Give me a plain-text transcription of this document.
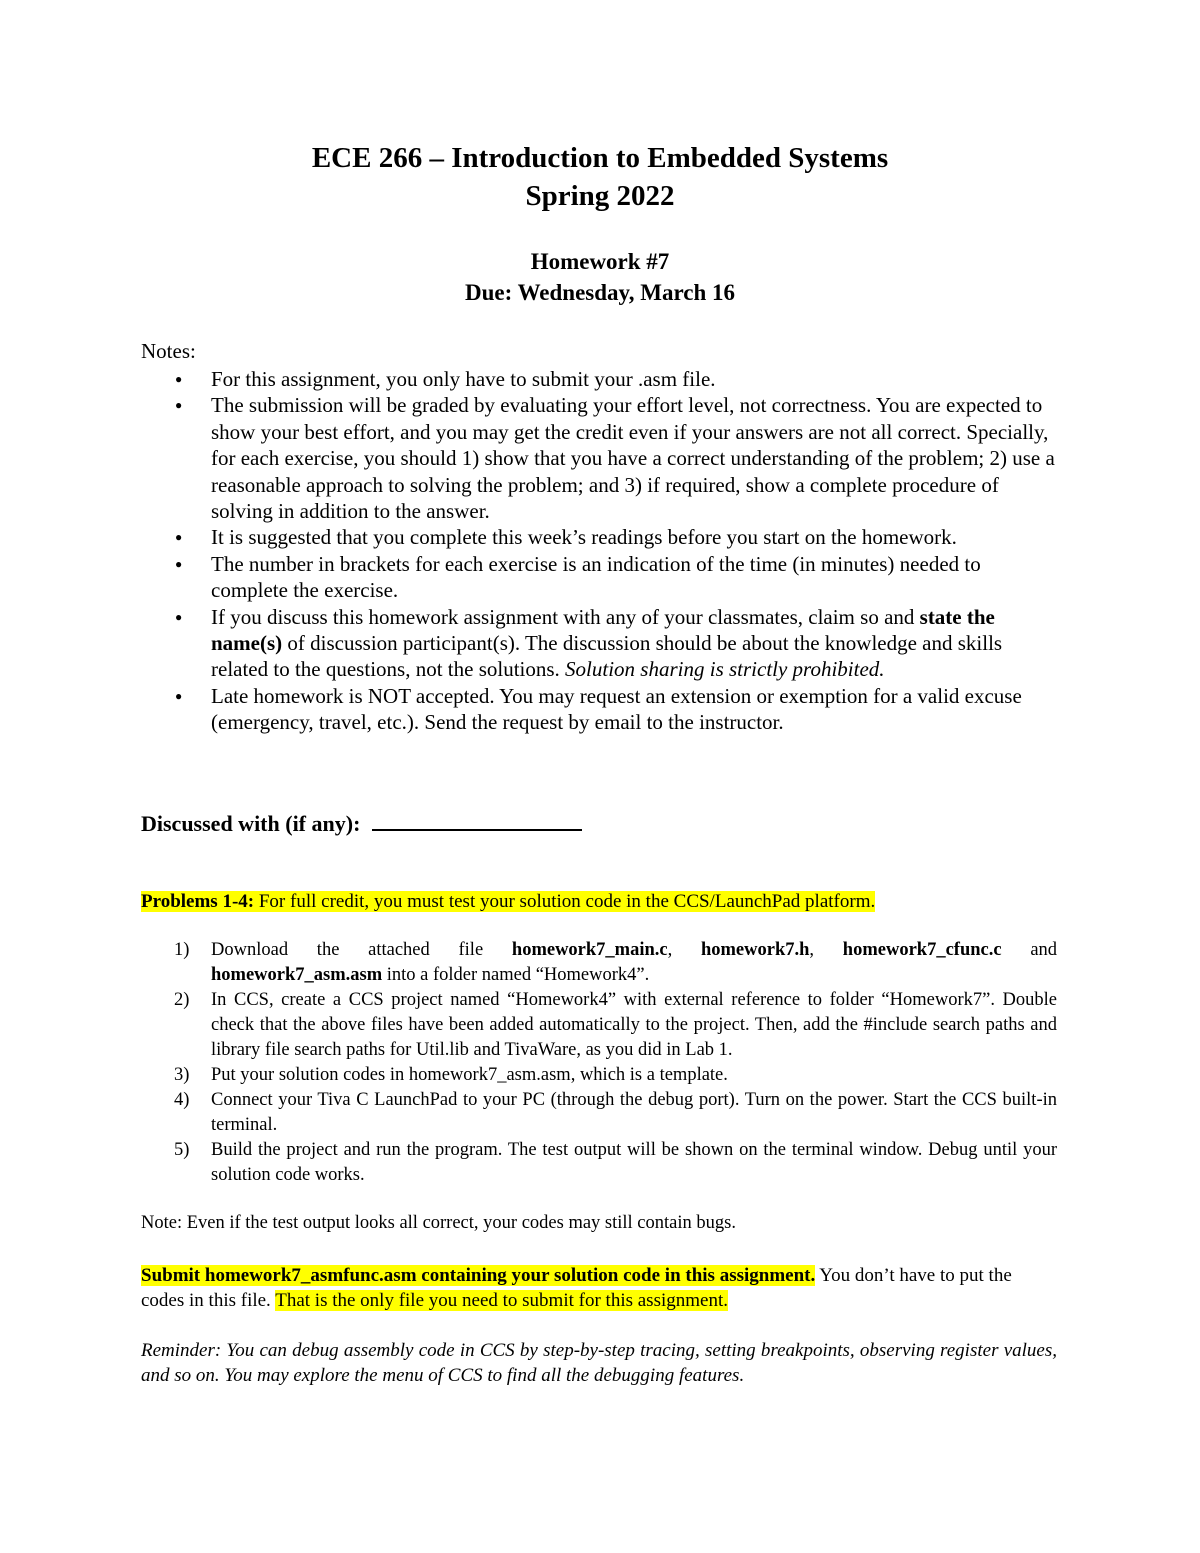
ECE 266 – Introduction to Embedded Systems
Spring 2022
Homework #7
Due: Wednesday, March 16
Notes:
● For this assignment, you only have to submit your .asm file.
● The submission will be graded by evaluating your effort level, not correctness. You are expected to show your best effort, and you may get the credit even if your answers are not all correct. Specially, for each exercise, you should 1) show that you have a correct understanding of the problem; 2) use a reasonable approach to solving the problem; and 3) if required, show a complete procedure of solving in addition to the answer.
● It is suggested that you complete this week’s readings before you start on the homework.
● The number in brackets for each exercise is an indication of the time (in minutes) needed to complete the exercise.
● If you discuss this homework assignment with any of your classmates, claim so and state the name(s) of discussion participant(s). The discussion should be about the knowledge and skills related to the questions, not the solutions. Solution sharing is strictly prohibited.
● Late homework is NOT accepted. You may request an extension or exemption for a valid excuse (emergency, travel, etc.). Send the request by email to the instructor.
Discussed with (if any):
Problems 1-4: For full credit, you must test your solution code in the CCS/LaunchPad platform.
1) Download the attached file homework7_main.c, homework7.h, homework7_cfunc.c and homework7_asm.asm into a folder named “Homework4”.
2) In CCS, create a CCS project named “Homework4” with external reference to folder “Homework7”. Double check that the above files have been added automatically to the project. Then, add the #include search paths and library file search paths for Util.lib and TivaWare, as you did in Lab 1.
3) Put your solution codes in homework7_asm.asm, which is a template.
4) Connect your Tiva C LaunchPad to your PC (through the debug port). Turn on the power. Start the CCS built-in terminal.
5) Build the project and run the program. The test output will be shown on the terminal window. Debug until your solution code works.
Note: Even if the test output looks all correct, your codes may still contain bugs.
Submit homework7_asmfunc.asm containing your solution code in this assignment. You don’t have to put the codes in this file. That is the only file you need to submit for this assignment.
Reminder: You can debug assembly code in CCS by step-by-step tracing, setting breakpoints, observing register values, and so on. You may explore the menu of CCS to find all the debugging features.
